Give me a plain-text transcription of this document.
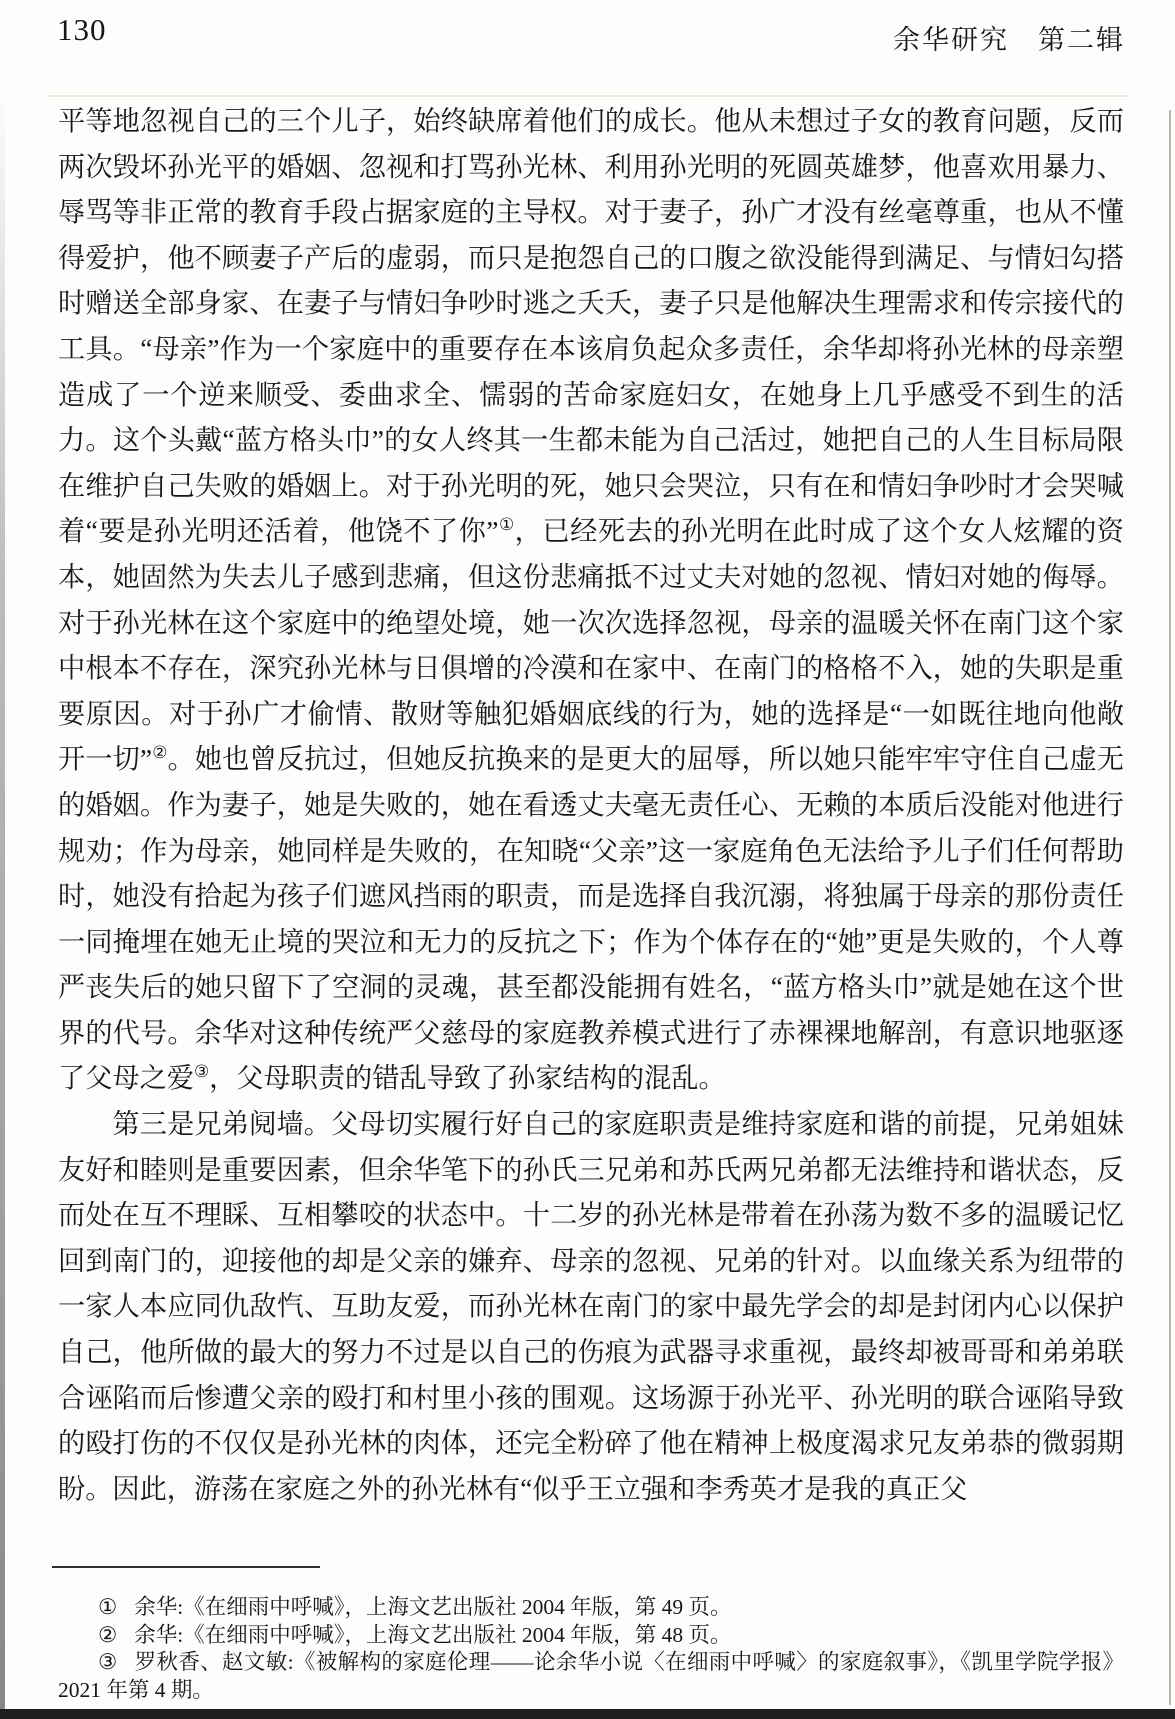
130	余华研究　第二辑

平等地忽视自己的三个儿子，始终缺席着他们的成长。他从未想过子女的教育问题，反而两次毁坏孙光平的婚姻、忽视和打骂孙光林、利用孙光明的死圆英雄梦，他喜欢用暴力、辱骂等非正常的教育手段占据家庭的主导权。对于妻子，孙广才没有丝毫尊重，也从不懂得爱护，他不顾妻子产后的虚弱，而只是抱怨自己的口腹之欲没能得到满足、与情妇勾搭时赠送全部身家、在妻子与情妇争吵时逃之夭夭，妻子只是他解决生理需求和传宗接代的工具。“母亲”作为一个家庭中的重要存在本该肩负起众多责任，余华却将孙光林的母亲塑造成了一个逆来顺受、委曲求全、懦弱的苦命家庭妇女，在她身上几乎感受不到生的活力。这个头戴“蓝方格头巾”的女人终其一生都未能为自己活过，她把自己的人生目标局限在维护自己失败的婚姻上。对于孙光明的死，她只会哭泣，只有在和情妇争吵时才会哭喊着“要是孙光明还活着，他饶不了你”①，已经死去的孙光明在此时成了这个女人炫耀的资本，她固然为失去儿子感到悲痛，但这份悲痛抵不过丈夫对她的忽视、情妇对她的侮辱。对于孙光林在这个家庭中的绝望处境，她一次次选择忽视，母亲的温暖关怀在南门这个家中根本不存在，深究孙光林与日俱增的冷漠和在家中、在南门的格格不入，她的失职是重要原因。对于孙广才偷情、散财等触犯婚姻底线的行为，她的选择是“一如既往地向他敞开一切”②。她也曾反抗过，但她反抗换来的是更大的屈辱，所以她只能牢牢守住自己虚无的婚姻。作为妻子，她是失败的，她在看透丈夫毫无责任心、无赖的本质后没能对他进行规劝；作为母亲，她同样是失败的，在知晓“父亲”这一家庭角色无法给予儿子们任何帮助时，她没有拾起为孩子们遮风挡雨的职责，而是选择自我沉溺，将独属于母亲的那份责任一同掩埋在她无止境的哭泣和无力的反抗之下；作为个体存在的“她”更是失败的，个人尊严丧失后的她只留下了空洞的灵魂，甚至都没能拥有姓名，“蓝方格头巾”就是她在这个世界的代号。余华对这种传统严父慈母的家庭教养模式进行了赤裸裸地解剖，有意识地驱逐了父母之爱③，父母职责的错乱导致了孙家结构的混乱。

第三是兄弟阋墙。父母切实履行好自己的家庭职责是维持家庭和谐的前提，兄弟姐妹友好和睦则是重要因素，但余华笔下的孙氏三兄弟和苏氏两兄弟都无法维持和谐状态，反而处在互不理睬、互相攀咬的状态中。十二岁的孙光林是带着在孙荡为数不多的温暖记忆回到南门的，迎接他的却是父亲的嫌弃、母亲的忽视、兄弟的针对。以血缘关系为纽带的一家人本应同仇敌忾、互助友爱，而孙光林在南门的家中最先学会的却是封闭内心以保护自己，他所做的最大的努力不过是以自己的伤痕为武器寻求重视，最终却被哥哥和弟弟联合诬陷而后惨遭父亲的殴打和村里小孩的围观。这场源于孙光平、孙光明的联合诬陷导致的殴打伤的不仅仅是孙光林的肉体，还完全粉碎了他在精神上极度渴求兄友弟恭的微弱期盼。因此，游荡在家庭之外的孙光林有“似乎王立强和李秀英才是我的真正父

① 余华:《在细雨中呼喊》，上海文艺出版社 2004 年版，第 49 页。

② 余华:《在细雨中呼喊》，上海文艺出版社 2004 年版，第 48 页。

③ 罗秋香、赵文敏:《被解构的家庭伦理——论余华小说〈在细雨中呼喊〉的家庭叙事》，《凯里学院学报》2021 年第 4 期。
